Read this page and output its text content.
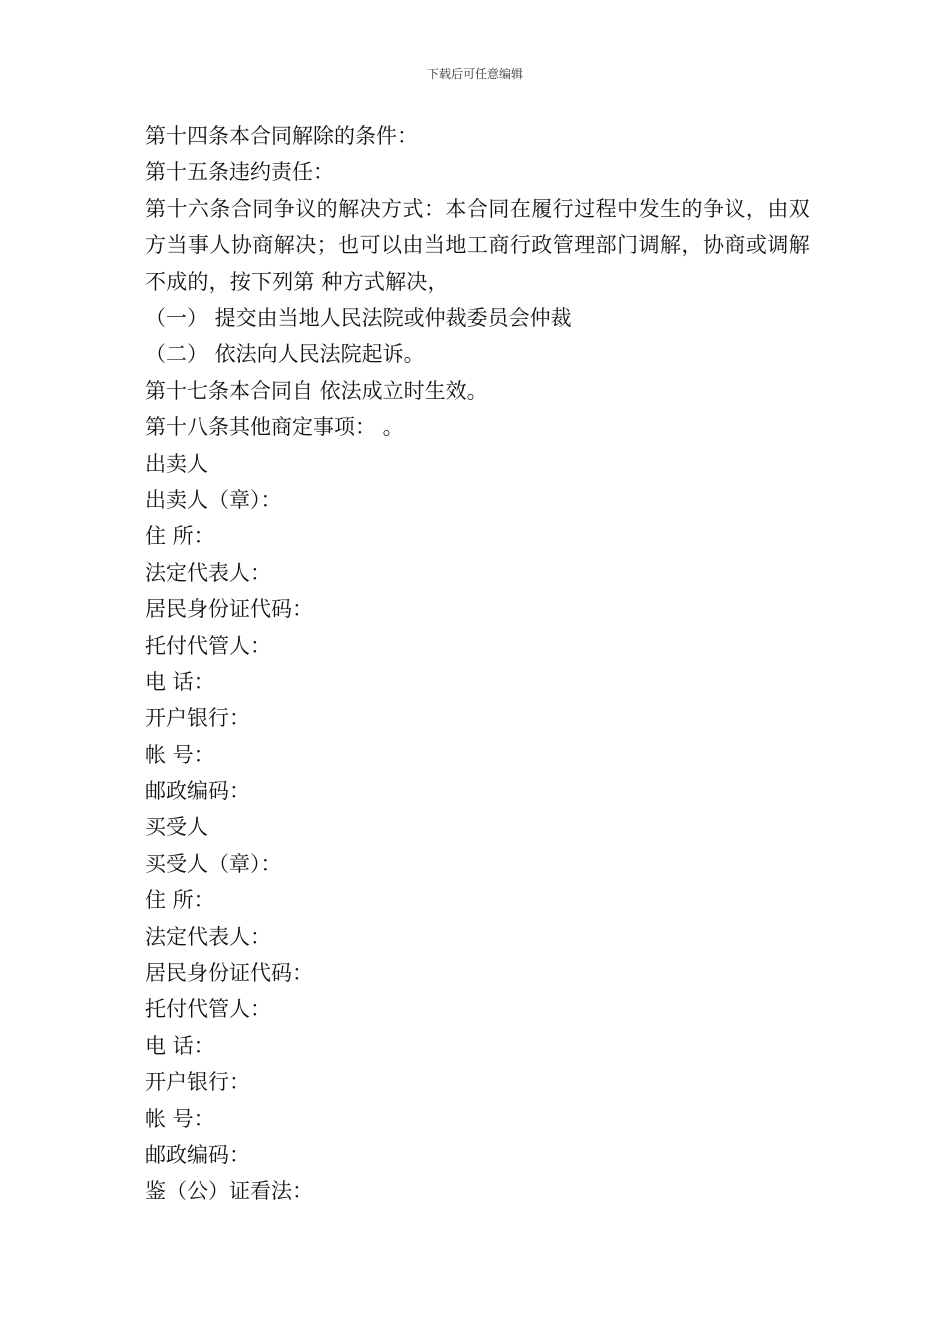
下载后可任意编辑
第十四条本合同解除的条件：
第十五条违约责任：
第十六条合同争议的解决方式：本合同在履行过程中发生的争议，由双方当事人协商解决；也可以由当地工商行政管理部门调解，协商或调解不成的，按下列第 种方式解决，
（一） 提交由当地人民法院或仲裁委员会仲裁
（二） 依法向人民法院起诉。
第十七条本合同自 依法成立时生效。
第十八条其他商定事项： 。
出卖人
出卖人（章）：
住 所：
法定代表人：
居民身份证代码：
托付代管人：
电 话：
开户银行：
帐 号：
邮政编码：
买受人
买受人（章）：
住 所：
法定代表人：
居民身份证代码：
托付代管人：
电 话：
开户银行：
帐 号：
邮政编码：
鉴（公）证看法：
